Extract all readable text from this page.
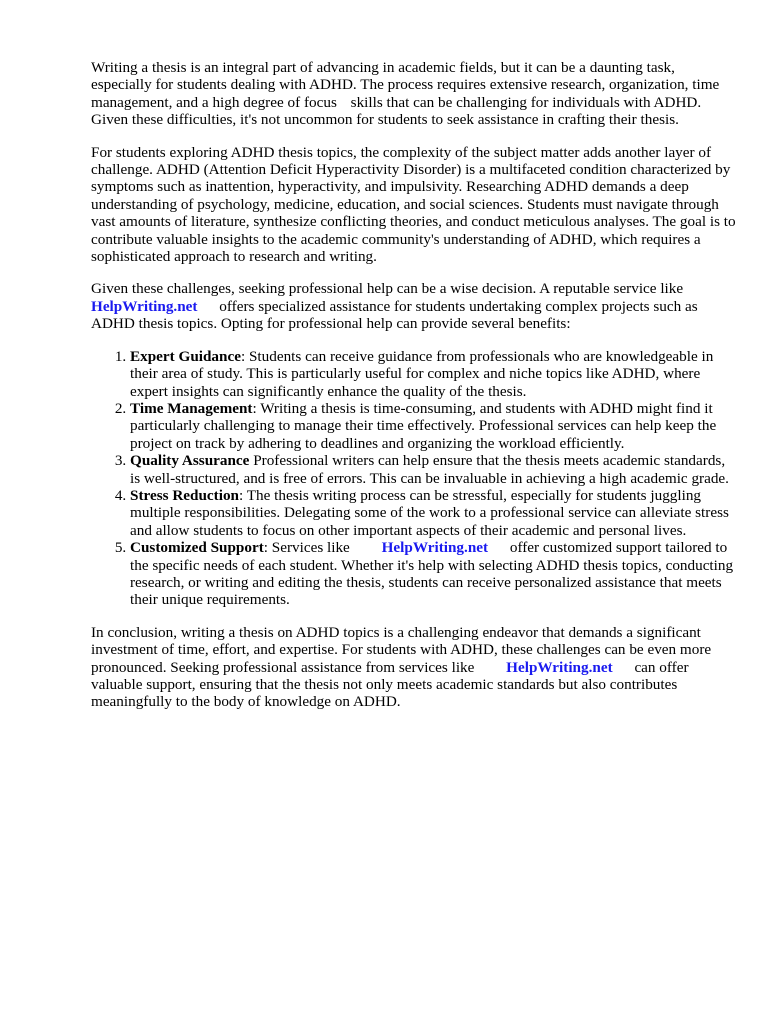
Writing a thesis is an integral part of advancing in academic fields, but it can be a daunting task, especially for students dealing with ADHD. The process requires extensive research, organization, time management, and a high degree of focus skills that can be challenging for individuals with ADHD. Given these difficulties, it's not uncommon for students to seek assistance in crafting their thesis.

For students exploring ADHD thesis topics, the complexity of the subject matter adds another layer of challenge. ADHD (Attention Deficit Hyperactivity Disorder) is a multifaceted condition characterized by symptoms such as inattention, hyperactivity, and impulsivity. Researching ADHD demands a deep understanding of psychology, medicine, education, and social sciences. Students must navigate through vast amounts of literature, synthesize conflicting theories, and conduct meticulous analyses. The goal is to contribute valuable insights to the academic community's understanding of ADHD, which requires a sophisticated approach to research and writing.

Given these challenges, seeking professional help can be a wise decision. A reputable service like HelpWriting.net offers specialized assistance for students undertaking complex projects such as ADHD thesis topics. Opting for professional help can provide several benefits:

1. Expert Guidance: Students can receive guidance from professionals who are knowledgeable in their area of study. This is particularly useful for complex and niche topics like ADHD, where expert insights can significantly enhance the quality of the thesis.
2. Time Management: Writing a thesis is time-consuming, and students with ADHD might find it particularly challenging to manage their time effectively. Professional services can help keep the project on track by adhering to deadlines and organizing the workload efficiently.
3. Quality Assurance Professional writers can help ensure that the thesis meets academic standards, is well-structured, and is free of errors. This can be invaluable in achieving a high academic grade.
4. Stress Reduction: The thesis writing process can be stressful, especially for students juggling multiple responsibilities. Delegating some of the work to a professional service can alleviate stress and allow students to focus on other important aspects of their academic and personal lives.
5. Customized Support: Services like HelpWriting.net offer customized support tailored to the specific needs of each student. Whether it's help with selecting ADHD thesis topics, conducting research, or writing and editing the thesis, students can receive personalized assistance that meets their unique requirements.

In conclusion, writing a thesis on ADHD topics is a challenging endeavor that demands a significant investment of time, effort, and expertise. For students with ADHD, these challenges can be even more pronounced. Seeking professional assistance from services like HelpWriting.net can offer valuable support, ensuring that the thesis not only meets academic standards but also contributes meaningfully to the body of knowledge on ADHD.
